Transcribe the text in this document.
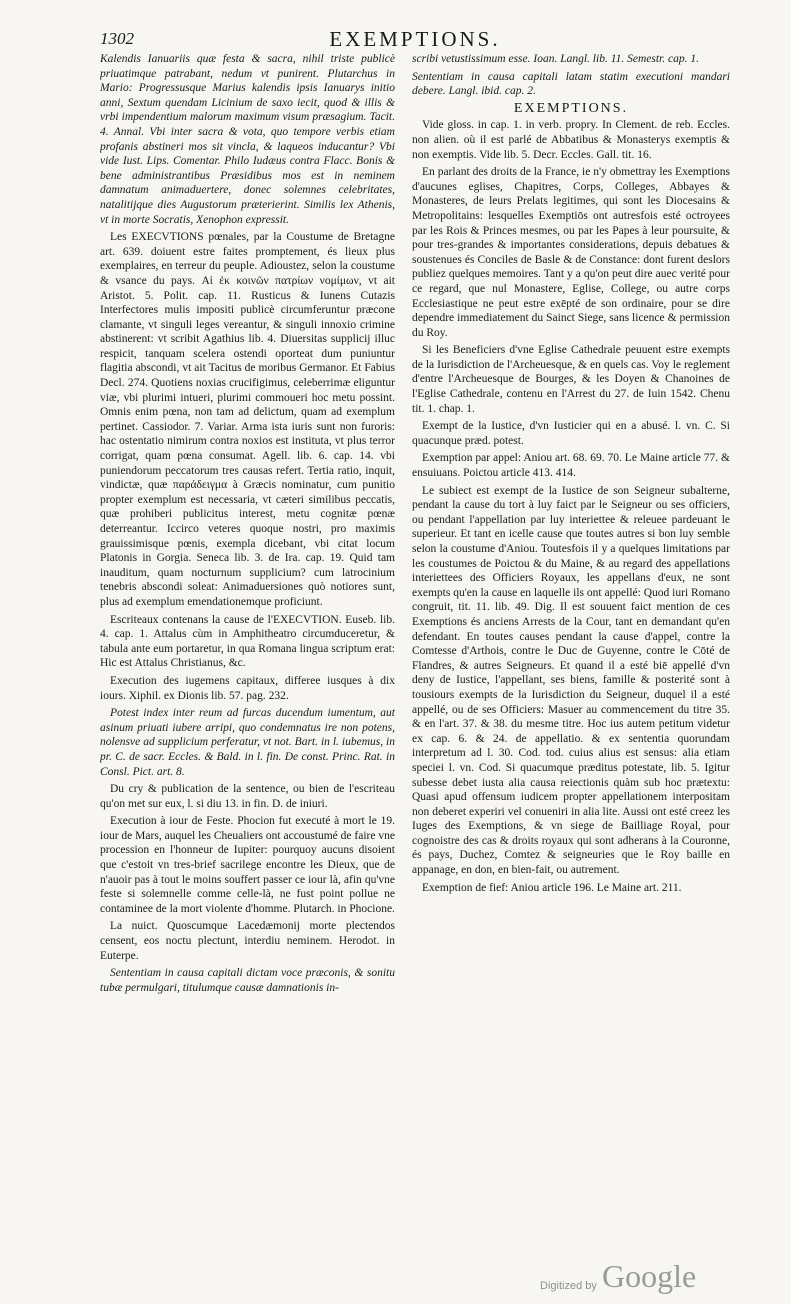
1302	EXEMPTIONS.

Kalendis Ianuariis quæ festa & sacra, nihil triste publicè priuatimque patrabant, nedum vt punirent. Plutarchus in Mario: Progressusque Marius kalendis ipsis Ianuarys initio anni, Sextum quendam Licinium de saxo iecit, quod & illis & vrbi impendentium malorum maximum visum præsagium. Tacit. 4. Annal. Vbi inter sacra & vota, quo tempore verbis etiam profanis abstineri mos sit vincla, & laqueos inducantur? Vbi vide Iust. Lips. Comentar. Philo Iudæus contra Flacc. Bonis & bene administrantibus Præsidibus mos est in neminem damnatum animaduertere, donec solemnes celebritates, natalitijque dies Augustorum præterierint. Similis lex Athenis, vt in morte Socratis, Xenophon expressit.

Les EXECVTIONS pœnales, par la Coustume de Bretagne art. 639. doiuent estre faites promptement, és lieux plus exemplaires, en terreur du peuple. Adioustez, selon la coustume & vsance du pays. Αἱ ἐκ κοινῶν πατρίων νομίμων, vt ait Aristot. 5. Polit. cap. 11. Rusticus & Iunens Cutazis Interfectores mulis impositi publicè circumferuntur præcone clamante, vt singuli leges vereantur, & singuli innoxio crimine abstinerent: vt scribit Agathius lib. 4. Diuersitas supplicij illuc respicit, tanquam scelera ostendi oporteat dum puniuntur flagitia abscondi, vt ait Tacitus de moribus Germanor. Et Fabius Decl. 274. Quotiens noxias crucifigimus, celeberrimæ eliguntur viæ, vbi plurimi intueri, plurimi commoueri hoc metu possint. Omnis enim pœna, non tam ad delictum, quam ad exemplum pertinet. Cassiodor. 7. Variar. Arma ista iuris sunt non furoris: hac ostentatio nimirum contra noxios est instituta, vt plus terror corrigat, quam pœna consumat. Agell. lib. 6. cap. 14. vbi puniendorum peccatorum tres causas refert. Tertia ratio, inquit, vindictæ, quæ παράδειγμα à Græcis nominatur, cum punitio propter exemplum est necessaria, vt cæteri similibus peccatis, quæ prohiberi publicitus interest, metu cognitæ pœnæ deterreantur. Iccirco veteres quoque nostri, pro maximis grauissimisque pœnis, exempla dicebant, vbi citat locum Platonis in Gorgia. Seneca lib. 3. de Ira. cap. 19. Quid tam inauditum, quam nocturnum supplicium? cum latrocinium tenebris abscondi soleat: Animaduersiones quò notiores sunt, plus ad exemplum emendationemque proficiunt.

Escriteaux contenans la cause de l'EXECVTION. Euseb. lib. 4. cap. 1. Attalus cùm in Amphitheatro circumduceretur, & tabula ante eum portaretur, in qua Romana lingua scriptum erat: Hic est Attalus Christianus, &c.

Execution des iugemens capitaux, differee iusques à dix iours. Xiphil. ex Dionis lib. 57. pag. 232.

Potest index inter reum ad furcas ducendum iumentum, aut asinum priuati iubere arripi, quo condemnatus ire non potens, nolensve ad supplicium perferatur, vt not. Bart. in l. iubemus, in pr. C. de sacr. Eccles. & Bald. in l. fin. De const. Princ. Rat. in Consl. Pict. art. 8.

Du cry & publication de la sentence, ou bien de l'escriteau qu'on met sur eux, l. si diu 13. in fin. D. de iniuri.

Execution à iour de Feste. Phocion fut executé à mort le 19. iour de Mars, auquel les Cheualiers ont accoustumé de faire vne procession en l'honneur de Iupiter: pourquoy aucuns disoient que c'estoit vn tres-brief sacrilege encontre les Dieux, que de n'auoir pas à tout le moins souffert passer ce iour là, afin qu'vne feste si solemnelle comme celle-là, ne fust point pollue ne contaminee de la mort violente d'homme. Plutarch. in Phocione.

La nuict. Quoscumque Lacedæmonij morte plectendos censent, eos noctu plectunt, interdiu neminem. Herodot. in Euterpe.

Sententiam in causa capitali dictam voce præconis, & sonitu tubæ permulgari, titulumque causæ damnationis in-

scribi vetustissimum esse. Ioan. Langl. lib. 11. Semestr. cap. 1.

Sententiam in causa capitali latam statim executioni mandari debere. Langl. ibid. cap. 2.

EXEMPTIONS.

Vide gloss. in cap. 1. in verb. propry. In Clement. de reb. Eccles. non alien. où il est parlé de Abbatibus & Monasterys exemptis & non exemptis. Vide lib. 5. Decr. Eccles. Gall. tit. 16.

En parlant des droits de la France, ie n'y obmettray les Exemptions d'aucunes eglises, Chapitres, Corps, Colleges, Abbayes & Monasteres, de leurs Prelats legitimes, qui sont les Diocesains & Metropolitains: lesquelles Exemptiōs ont autresfois esté octroyees par les Rois & Princes mesmes, ou par les Papes à leur poursuite, & pour tres-grandes & importantes considerations, depuis debatues & soustenues és Conciles de Basle & de Constance: dont furent deslors publiez quelques memoires. Tant y a qu'on peut dire auec verité pour ce regard, que nul Monastere, Eglise, College, ou autre corps Ecclesiastique ne peut estre exēpté de son ordinaire, pour se dire dependre immediatement du Sainct Siege, sans licence & permission du Roy.

Si les Beneficiers d'vne Eglise Cathedrale peuuent estre exempts de la Iurisdiction de l'Archeuesque, & en quels cas. Voy le reglement d'entre l'Archeuesque de Bourges, & les Doyen & Chanoines de l'Eglise Cathedrale, contenu en l'Arrest du 27. de Iuin 1542. Chenu tit. 1. chap. 1.

Exempt de la Iustice, d'vn Iusticier qui en a abusé. l. vn. C. Si quacunque præd. potest.

Exemption par appel: Aniou art. 68. 69. 70. Le Maine article 77. & ensuiuans. Poictou article 413. 414.

Le subiect est exempt de la Iustice de son Seigneur subalterne, pendant la cause du tort à luy faict par le Seigneur ou ses officiers, ou pendant l'appellation par luy interiettee & releuee pardeuant le superieur. Et tant en icelle cause que toutes autres si bon luy semble selon la coustume d'Aniou. Toutesfois il y a quelques limitations par les coustumes de Poictou & du Maine, & au regard des appellations interiettees des Officiers Royaux, les appellans d'eux, ne sont exempts qu'en la cause en laquelle ils ont appellé: Quod iuri Romano congruit, tit. 11. lib. 49. Dig. Il est souuent faict mention de ces Exemptions és anciens Arrests de la Cour, tant en demandant qu'en defendant. En toutes causes pendant la cause d'appel, contre la Comtesse d'Arthois, contre le Duc de Guyenne, contre le Cōté de Flandres, & autres Seigneurs. Et quand il a esté biē appellé d'vn deny de Iustice, l'appellant, ses biens, famille & posterité sont à tousiours exempts de la Iurisdiction du Seigneur, duquel il a esté appellé, ou de ses Officiers: Masuer au commencement du titre 35. & en l'art. 37. & 38. du mesme titre. Hoc ius autem petitum videtur ex cap. 6. & 24. de appellatio. & ex sententia quorundam interpretum ad l. 30. Cod. tod. cuius alius est sensus: alia etiam speciei l. vn. Cod. Si quacumque præditus potestate, lib. 5. Igitur subesse debet iusta alia causa reiectionis quàm sub hoc prætextu: Quasi apud offensum iudicem propter appellationem interpositam non deberet experiri vel conueniri in alia lite. Aussi ont esté creez les Iuges des Exemptions, & vn siege de Bailliage Royal, pour cognoistre des cas & droits royaux qui sont adherans à la Couronne, és pays, Duchez, Comtez & seigneuries que le Roy baille en appanage, en don, en bien-fait, ou autrement.

Exemption de fief: Aniou article 196. Le Maine art. 211.

Digitized by Google
